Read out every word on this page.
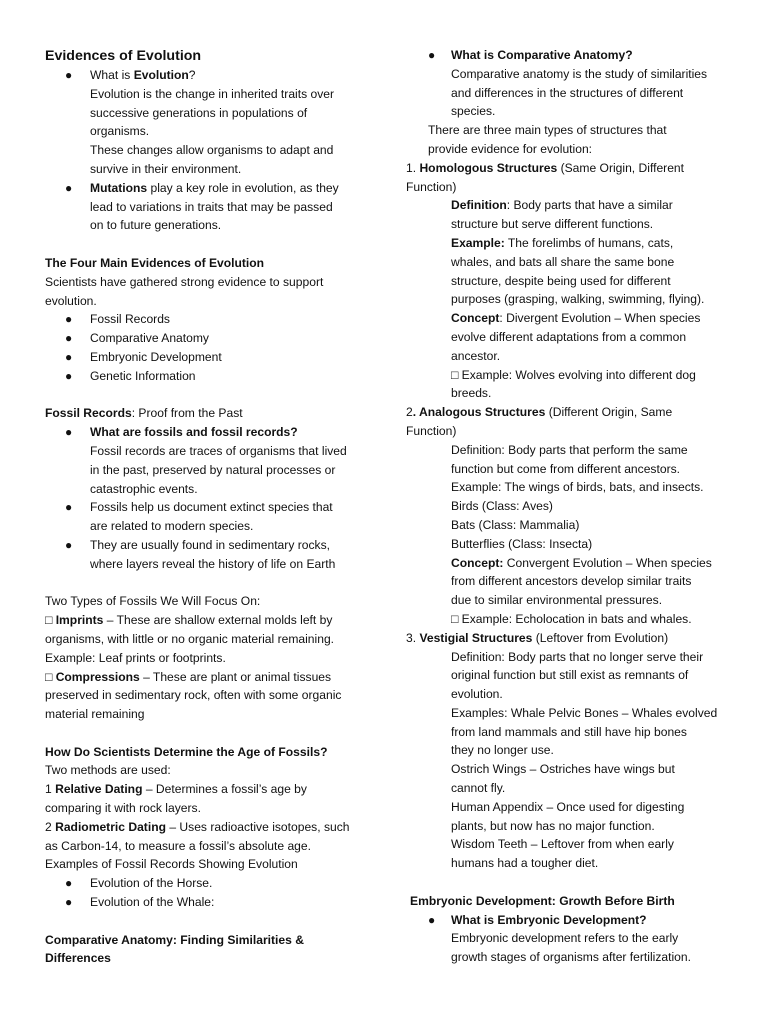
Evidences of Evolution
● What is Evolution?
Evolution is the change in inherited traits over
successive generations in populations of
organisms.
These changes allow organisms to adapt and
survive in their environment.
● Mutations play a key role in evolution, as they
lead to variations in traits that may be passed
on to future generations.
The Four Main Evidences of Evolution
Scientists have gathered strong evidence to support
evolution.
● Fossil Records
● Comparative Anatomy
● Embryonic Development
● Genetic Information
Fossil Records: Proof from the Past
● What are fossils and fossil records?
Fossil records are traces of organisms that lived
in the past, preserved by natural processes or
catastrophic events.
● Fossils help us document extinct species that
are related to modern species.
● They are usually found in sedimentary rocks,
where layers reveal the history of life on Earth
Two Types of Fossils We Will Focus On:
□ Imprints – These are shallow external molds left by
organisms, with little or no organic material remaining.
Example: Leaf prints or footprints.
□ Compressions – These are plant or animal tissues
preserved in sedimentary rock, often with some organic
material remaining
How Do Scientists Determine the Age of Fossils?
Two methods are used:
1 Relative Dating – Determines a fossil’s age by
comparing it with rock layers.
2 Radiometric Dating – Uses radioactive isotopes, such
as Carbon-14, to measure a fossil’s absolute age.
Examples of Fossil Records Showing Evolution
● Evolution of the Horse.
● Evolution of the Whale:
Comparative Anatomy: Finding Similarities &
Differences
● What is Comparative Anatomy?
Comparative anatomy is the study of similarities
and differences in the structures of different
species.
There are three main types of structures that
provide evidence for evolution:
1. Homologous Structures (Same Origin, Different
Function)
Definition: Body parts that have a similar
structure but serve different functions.
Example: The forelimbs of humans, cats,
whales, and bats all share the same bone
structure, despite being used for different
purposes (grasping, walking, swimming, flying).
Concept: Divergent Evolution – When species
evolve different adaptations from a common
ancestor.
□ Example: Wolves evolving into different dog
breeds.
2. Analogous Structures (Different Origin, Same
Function)
Definition: Body parts that perform the same
function but come from different ancestors.
Example: The wings of birds, bats, and insects.
Birds (Class: Aves)
Bats (Class: Mammalia)
Butterflies (Class: Insecta)
Concept: Convergent Evolution – When species
from different ancestors develop similar traits
due to similar environmental pressures.
□ Example: Echolocation in bats and whales.
3. Vestigial Structures (Leftover from Evolution)
Definition: Body parts that no longer serve their
original function but still exist as remnants of
evolution.
Examples: Whale Pelvic Bones – Whales evolved
from land mammals and still have hip bones
they no longer use.
Ostrich Wings – Ostriches have wings but
cannot fly.
Human Appendix – Once used for digesting
plants, but now has no major function.
Wisdom Teeth – Leftover from when early
humans had a tougher diet.
Embryonic Development: Growth Before Birth
● What is Embryonic Development?
Embryonic development refers to the early
growth stages of organisms after fertilization.
